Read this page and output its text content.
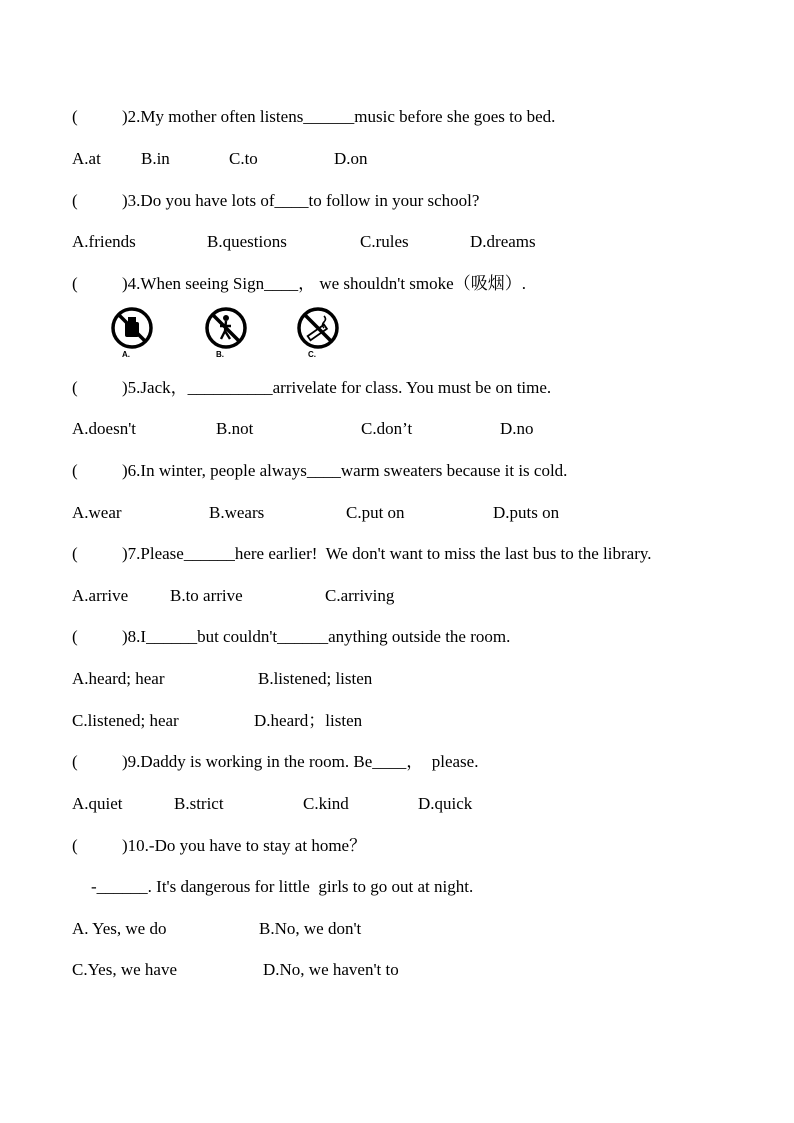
(	)2.My mother often listens______music before she goes to bed.
A.at B.in	C.to	D.on
(	)3.Do you have lots of____to follow in your school?
A.friends	B.questions	C.rules	D.dreams
(	)4.When seeing Sign____， we shouldn't smoke（吸烟）.
A.	B.	C.
(	)5.Jack，__________arrivelate for class. You must be on time.
A.doesn't	B.not	C.don’t	D.no
(	)6.In winter, people always____warm sweaters because it is cold.
A.wear	B.wears	C.put on	D.puts on
(	)7.Please______here earlier!  We don't want to miss the last bus to the library.
A.arrive B.to arrive	C.arriving
(	)8.I______but couldn't______anything outside the room.
A.heard; hear	B.listened; listen
C.listened; hear	D.heard；listen
(	)9.Daddy is working in the room. Be____，  please.
A.quiet	B.strict	C.kind	D.quick
(	)10.-Do you have to stay at home？
-______. It's dangerous for little  girls to go out at night.
A. Yes, we do	B.No, we don't
C.Yes, we have	D.No, we haven't to
